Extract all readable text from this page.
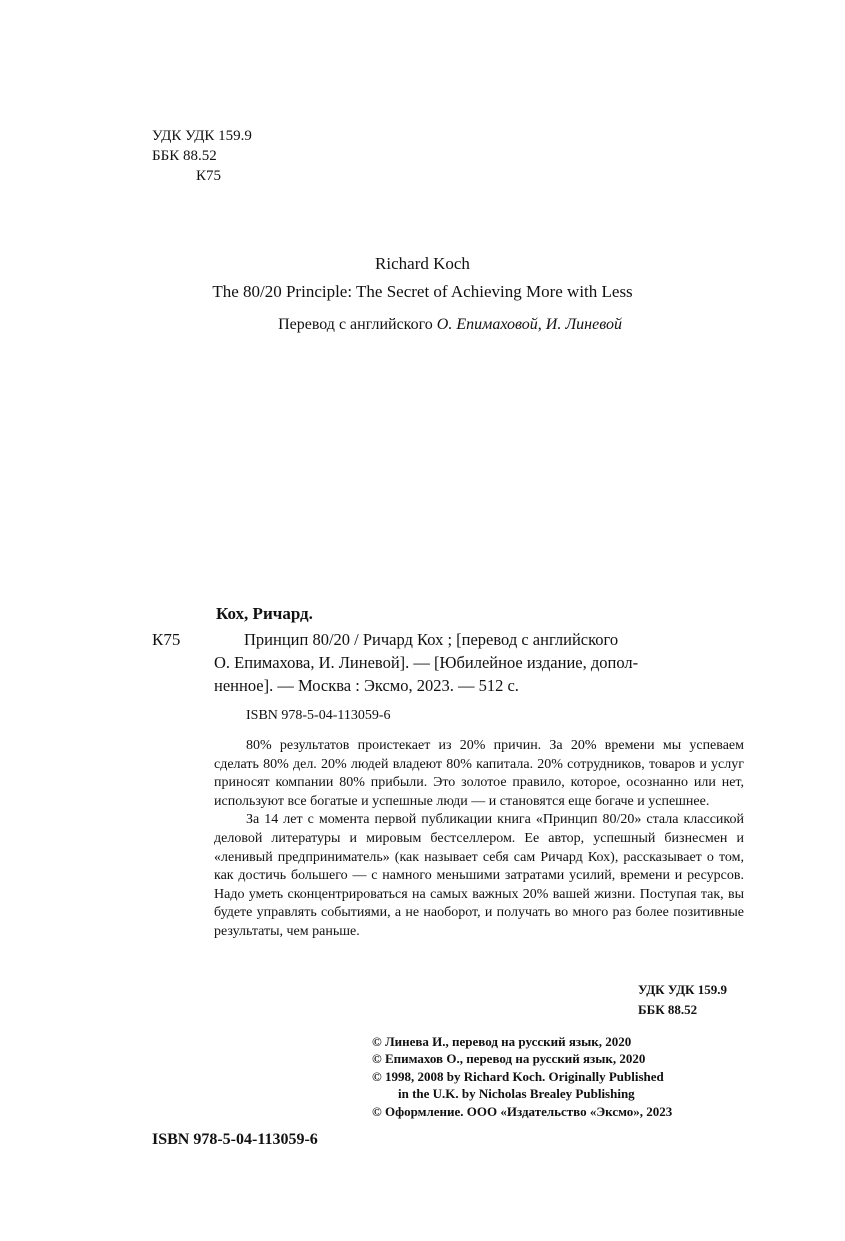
УДК УДК 159.9
ББК 88.52
К75
Richard Koch
The 80/20 Principle: The Secret of Achieving More with Less
Перевод с английского О. Епимаховой, И. Линевой
Кох, Ричард.
К75	Принцип 80/20 / Ричард Кох ; [перевод с английского
О. Епимахова, И. Линевой]. — [Юбилейное издание, допол-
ненное]. — Москва : Эксмо, 2023. — 512 с.
ISBN 978-5-04-113059-6

80% результатов проистекает из 20% причин. За 20% времени мы успеваем сделать 80% дел. 20% людей владеют 80% капитала. 20% сотрудников, товаров и услуг приносят компании 80% прибыли. Это золотое правило, которое, осознанно или нет, используют все богатые и успешные люди — и становятся еще богаче и успешнее.

За 14 лет с момента первой публикации книга «Принцип 80/20» стала классикой деловой литературы и мировым бестселлером. Ее автор, успешный бизнесмен и «ленивый предприниматель» (как называет себя сам Ричард Кох), рассказывает о том, как достичь большего — с намного меньшими затратами усилий, времени и ресурсов. Надо уметь сконцентрироваться на самых важных 20% вашей жизни. Поступая так, вы будете управлять событиями, а не наоборот, и получать во много раз более позитивные результаты, чем раньше.

УДК УДК 159.9
ББК 88.52
© Линева И., перевод на русский язык, 2020
© Епимахов О., перевод на русский язык, 2020
© 1998, 2008 by Richard Koch. Originally Published
in the U.K. by Nicholas Brealey Publishing
© Оформление. ООО «Издательство «Эксмо», 2023
ISBN 978-5-04-113059-6
